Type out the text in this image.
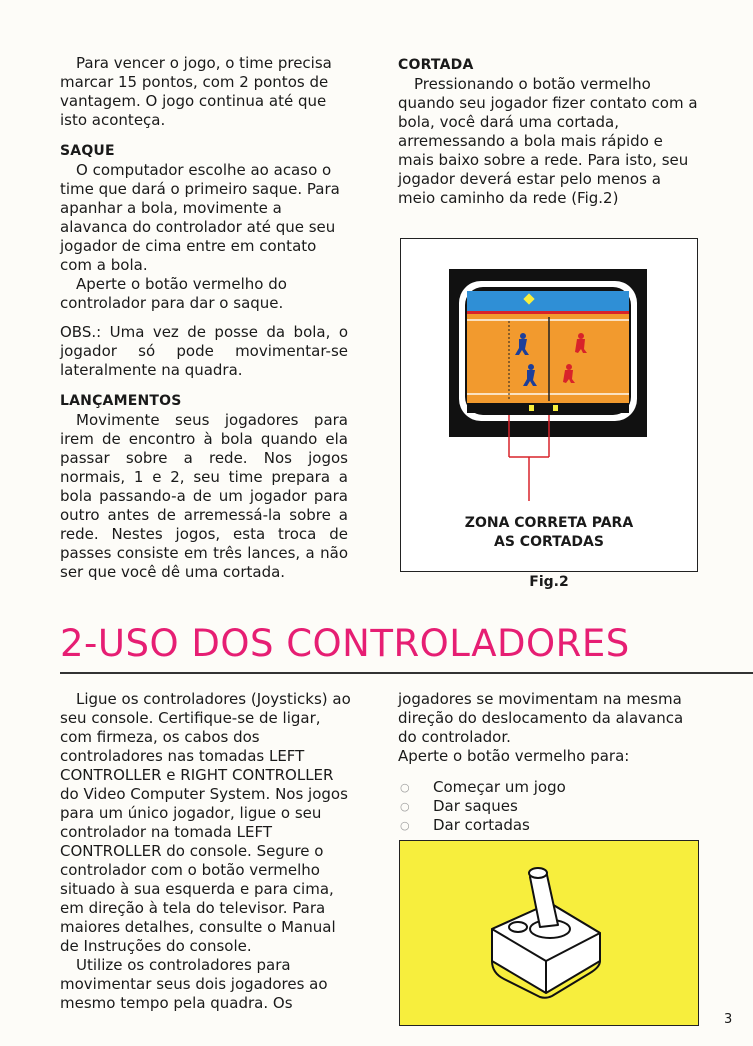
Para vencer o jogo, o time precisa marcar 15 pontos, com 2 pontos de vantagem. O jogo continua até que isto aconteça.

SAQUE

O computador escolhe ao acaso o time que dará o primeiro saque. Para apanhar a bola, movimente a alavanca do controlador até que seu jogador de cima entre em contato com a bola.

Aperte o botão vermelho do controlador para dar o saque.

OBS.: Uma vez de posse da bola, o jogador só pode movimentar-se lateralmente na quadra.

LANÇAMENTOS

Movimente seus jogadores para irem de encontro à bola quando ela passar sobre a rede. Nos jogos normais, 1 e 2, seu time prepara a bola passando-a de um jogador para outro antes de arremessá-la sobre a rede. Nestes jogos, esta troca de passes consiste em três lances, a não ser que você dê uma cortada.

CORTADA

Pressionando o botão vermelho quando seu jogador fizer contato com a bola, você dará uma cortada, arremessando a bola mais rápido e mais baixo sobre a rede. Para isto, seu jogador deverá estar pelo menos a meio caminho da rede (Fig.2)

ZONA CORRETA PARA
AS CORTADAS
Fig.2
2-USO DOS CONTROLADORES

Ligue os controladores (Joysticks) ao seu console. Certifique-se de ligar, com firmeza, os cabos dos controladores nas tomadas LEFT CONTROLLER e RIGHT CONTROLLER do Video Computer System. Nos jogos para um único jogador, ligue o seu controlador na tomada LEFT CONTROLLER do console. Segure o controlador com o botão vermelho situado à sua esquerda e para cima, em direção à tela do televisor. Para maiores detalhes, consulte o Manual de Instruções do console.

Utilize os controladores para movimentar seus dois jogadores ao mesmo tempo pela quadra. Os

jogadores se movimentam na mesma direção do deslocamento da alavanca do controlador.

Aperte o botão vermelho para:

○ Começar um jogo
○ Dar saques
○ Dar cortadas
3
